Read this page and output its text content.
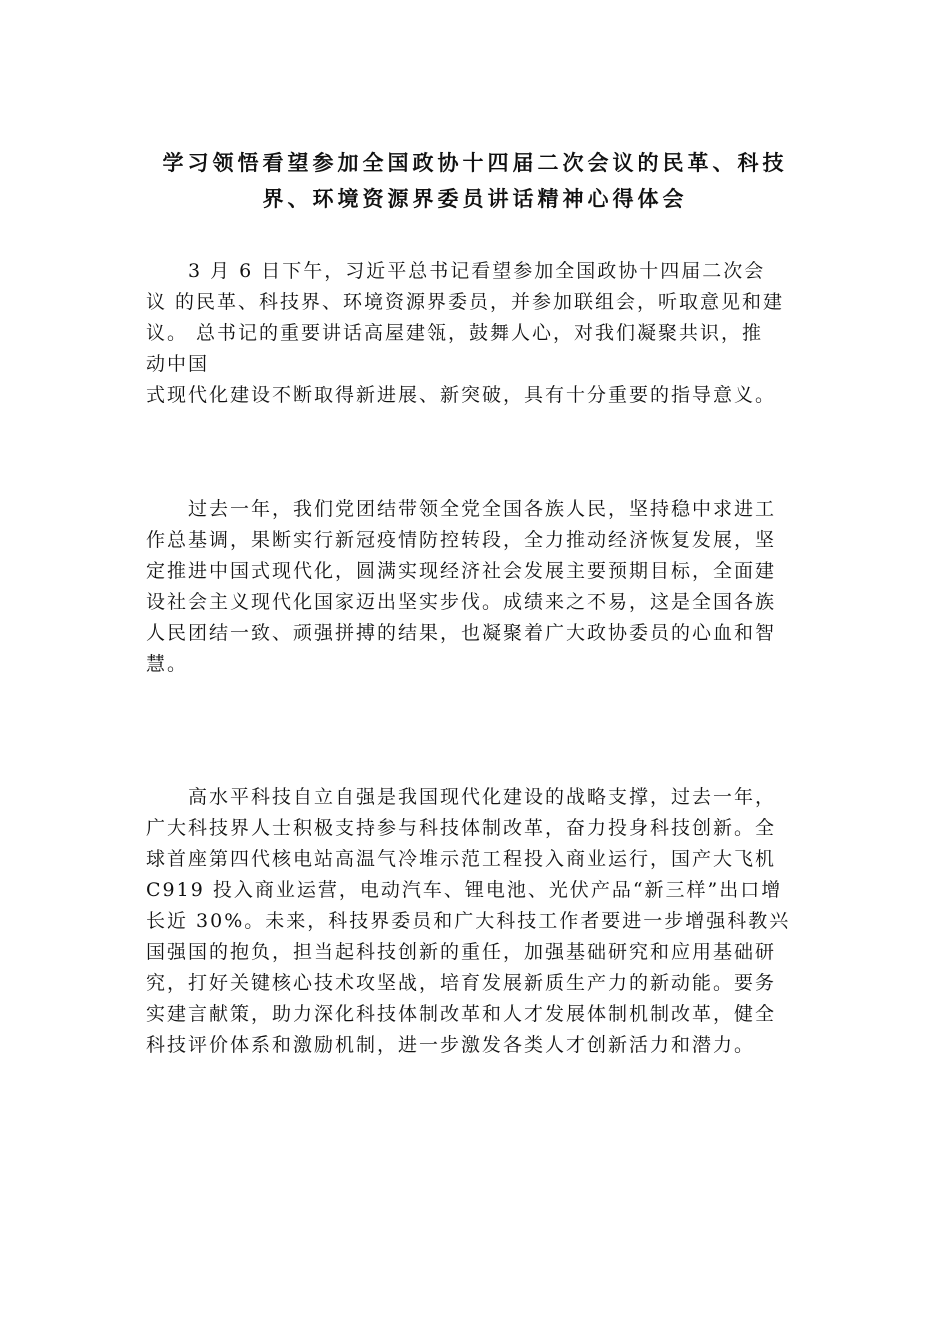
学习领悟看望参加全国政协十四届二次会议的民革、科技
界、环境资源界委员讲话精神心得体会
　　3 月 6 日下午，习近平总书记看望参加全国政协十四届二次会
议 的民革、科技界、环境资源界委员，并参加联组会，听取意见和建
议。 总书记的重要讲话高屋建瓴，鼓舞人心，对我们凝聚共识，推
动中国
式现代化建设不断取得新进展、新突破，具有十分重要的指导意义。
　　过去一年，我们党团结带领全党全国各族人民，坚持稳中求进工
作总基调，果断实行新冠疫情防控转段，全力推动经济恢复发展，坚
定推进中国式现代化，圆满实现经济社会发展主要预期目标，全面建
设社会主义现代化国家迈出坚实步伐。成绩来之不易，这是全国各族
人民团结一致、顽强拼搏的结果，也凝聚着广大政协委员的心血和智
慧。
　　高水平科技自立自强是我国现代化建设的战略支撑，过去一年，
广大科技界人士积极支持参与科技体制改革，奋力投身科技创新。全
球首座第四代核电站高温气冷堆示范工程投入商业运行，国产大飞机
C919 投入商业运营，电动汽车、锂电池、光伏产品“新三样”出口增
长近 30%。未来，科技界委员和广大科技工作者要进一步增强科教兴
国强国的抱负，担当起科技创新的重任，加强基础研究和应用基础研
究，打好关键核心技术攻坚战，培育发展新质生产力的新动能。要务
实建言献策，助力深化科技体制改革和人才发展体制机制改革，健全
科技评价体系和激励机制，进一步激发各类人才创新活力和潜力。
